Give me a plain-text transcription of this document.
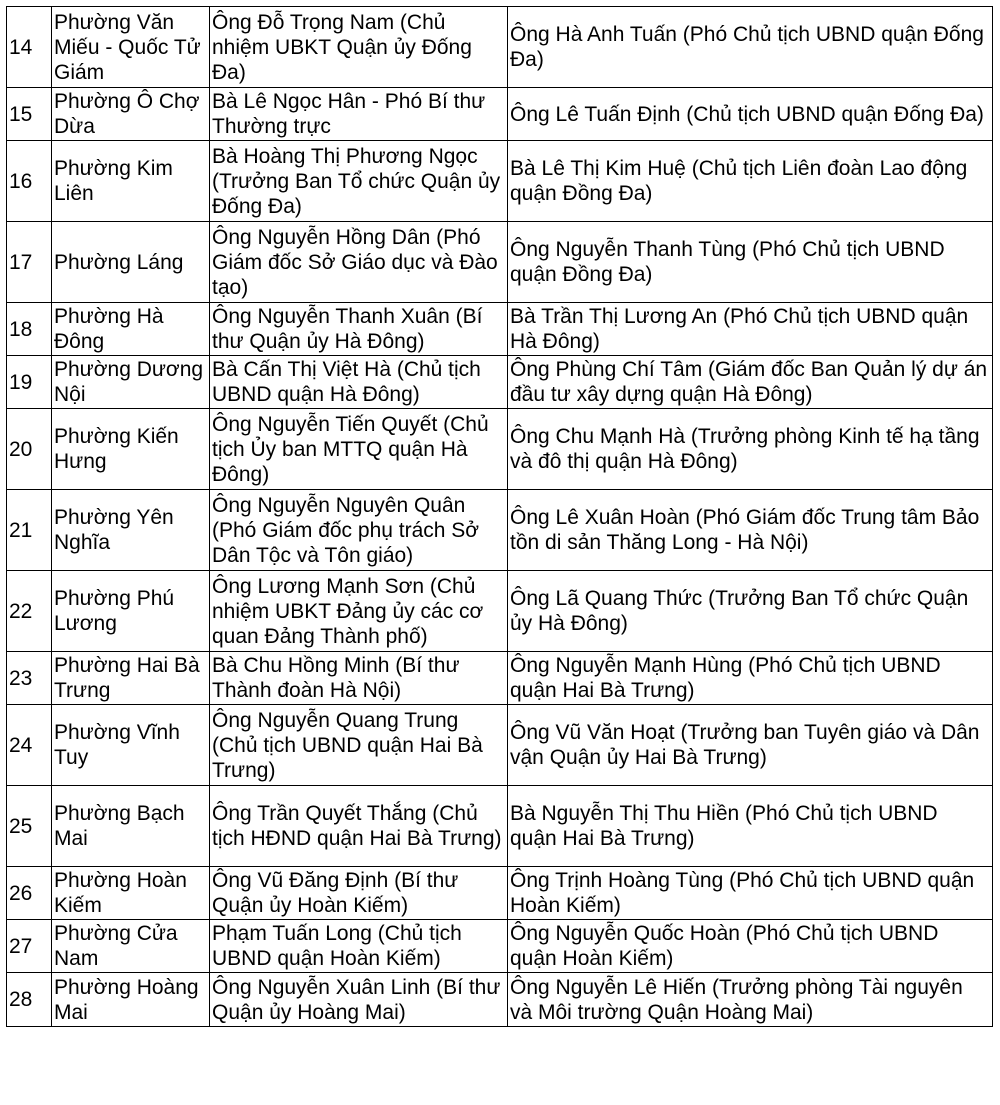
14	Phường Văn Miếu - Quốc Tử Giám	Ông Đỗ Trọng Nam (Chủ nhiệm UBKT Quận ủy Đống Đa)	Ông Hà Anh Tuấn (Phó Chủ tịch UBND quận Đống Đa)
15	Phường Ô Chợ Dừa	Bà Lê Ngọc Hân - Phó Bí thư Thường trực	Ông Lê Tuấn Định (Chủ tịch UBND quận Đống Đa)
16	Phường Kim Liên	Bà Hoàng Thị Phương Ngọc (Trưởng Ban Tổ chức Quận ủy Đống Đa)	Bà Lê Thị Kim Huệ (Chủ tịch Liên đoàn Lao động quận Đồng Đa)
17	Phường Láng	Ông Nguyễn Hồng Dân (Phó Giám đốc Sở Giáo dục và Đào tạo)	Ông Nguyễn Thanh Tùng (Phó Chủ tịch UBND quận Đồng Đa)
18	Phường Hà Đông	Ông Nguyễn Thanh Xuân (Bí thư Quận ủy Hà Đông)	Bà Trần Thị Lương An (Phó Chủ tịch UBND quận Hà Đông)
19	Phường Dương Nội	Bà Cấn Thị Việt Hà (Chủ tịch UBND quận Hà Đông)	Ông Phùng Chí Tâm (Giám đốc Ban Quản lý dự án đầu tư xây dựng quận Hà Đông)
20	Phường Kiến Hưng	Ông Nguyễn Tiến Quyết (Chủ tịch Ủy ban MTTQ quận Hà Đông)	Ông Chu Mạnh Hà (Trưởng phòng Kinh tế hạ tầng và đô thị quận Hà Đông)
21	Phường Yên Nghĩa	Ông Nguyễn Nguyên Quân (Phó Giám đốc phụ trách Sở Dân Tộc và Tôn giáo)	Ông Lê Xuân Hoàn (Phó Giám đốc Trung tâm Bảo tồn di sản Thăng Long - Hà Nội)
22	Phường Phú Lương	Ông Lương Mạnh Sơn (Chủ nhiệm UBKT Đảng ủy các cơ quan Đảng Thành phố)	Ông Lã Quang Thức (Trưởng Ban Tổ chức Quận ủy Hà Đông)
23	Phường Hai Bà Trưng	Bà Chu Hồng Minh (Bí thư Thành đoàn Hà Nội)	Ông Nguyễn Mạnh Hùng (Phó Chủ tịch UBND quận Hai Bà Trưng)
24	Phường Vĩnh Tuy	Ông Nguyễn Quang Trung (Chủ tịch UBND quận Hai Bà Trưng)	Ông Vũ Văn Hoạt (Trưởng ban Tuyên giáo và Dân vận Quận ủy Hai Bà Trưng)
25	Phường Bạch Mai	Ông Trần Quyết Thắng (Chủ tịch HĐND quận Hai Bà Trưng)	Bà Nguyễn Thị Thu Hiền (Phó Chủ tịch UBND quận Hai Bà Trưng)
26	Phường Hoàn Kiếm	Ông Vũ Đăng Định (Bí thư Quận ủy Hoàn Kiếm)	Ông Trịnh Hoàng Tùng (Phó Chủ tịch UBND quận Hoàn Kiếm)
27	Phường Cửa Nam	Phạm Tuấn Long (Chủ tịch UBND quận Hoàn Kiếm)	Ông Nguyễn Quốc Hoàn (Phó Chủ tịch UBND quận Hoàn Kiếm)
28	Phường Hoàng Mai	Ông Nguyễn Xuân Linh (Bí thư Quận ủy Hoàng Mai)	Ông Nguyễn Lê Hiến (Trưởng phòng Tài nguyên và Môi trường Quận Hoàng Mai)
